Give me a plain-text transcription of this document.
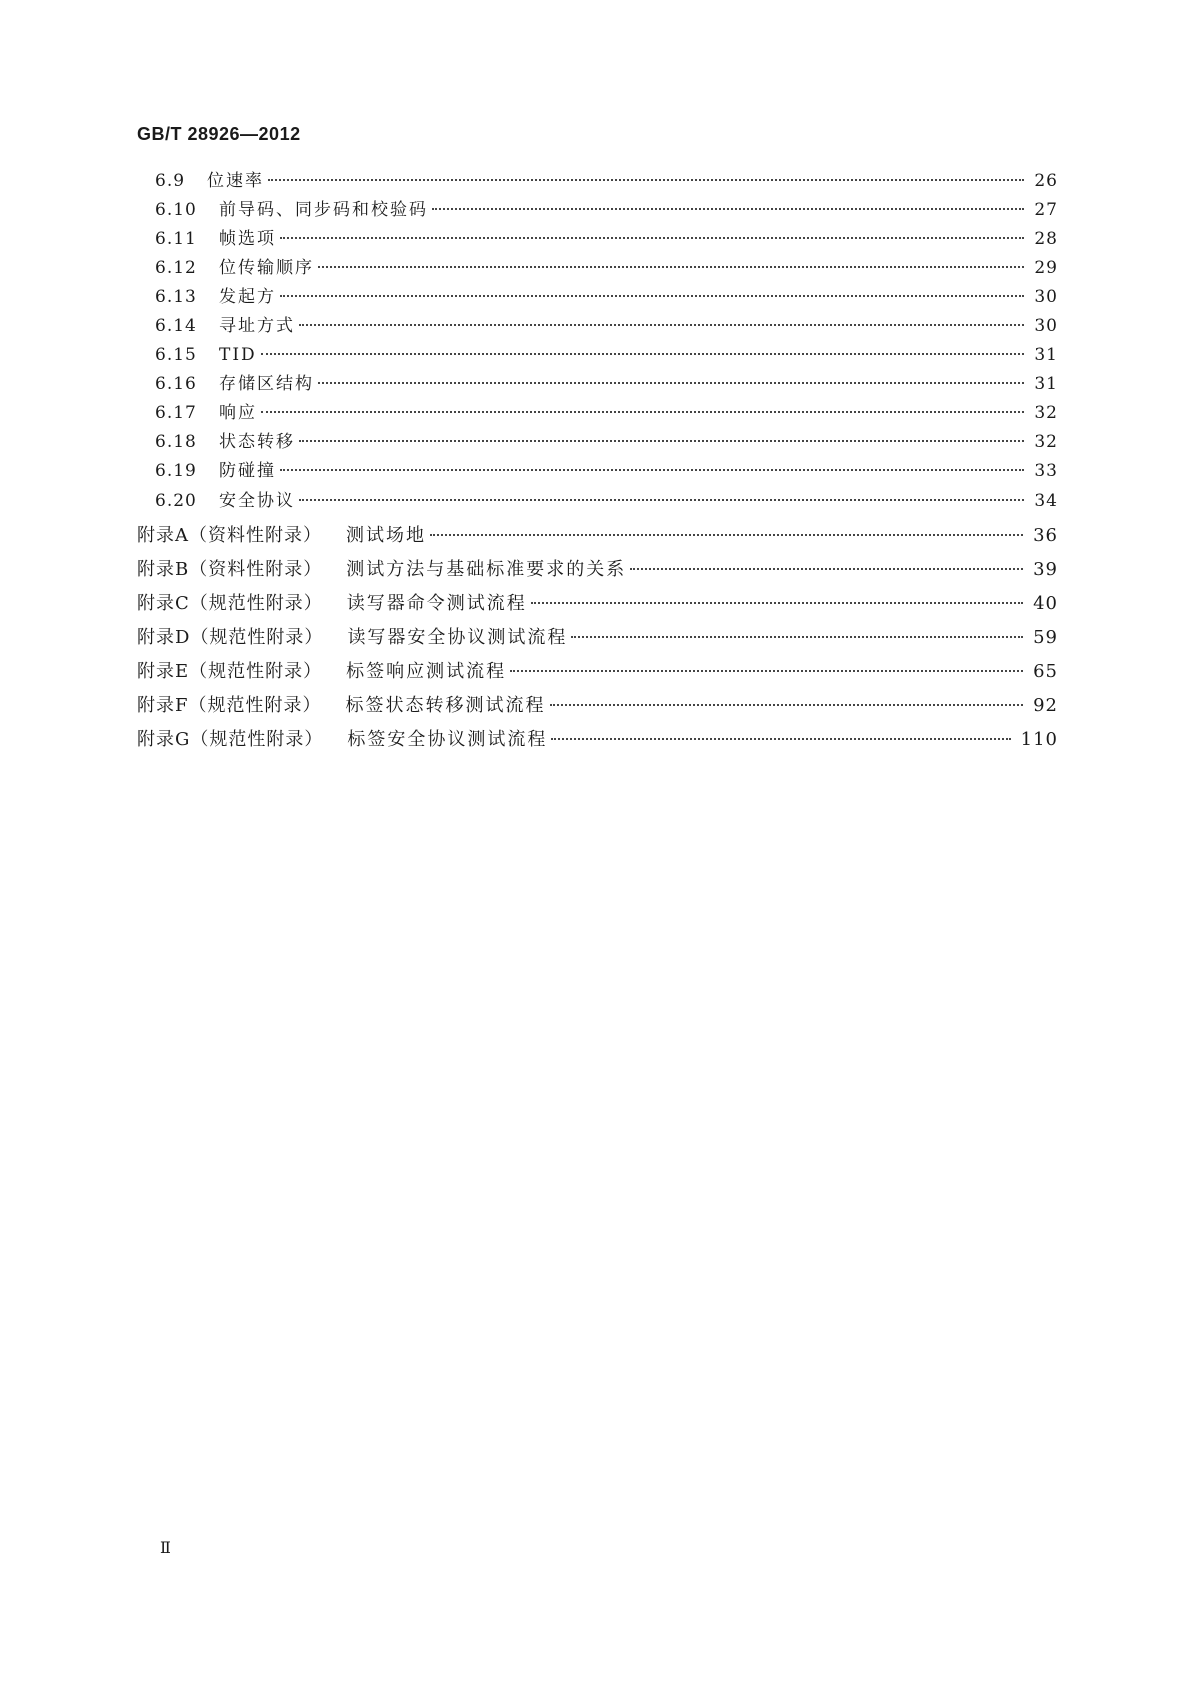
GB/T 28926—2012
6.9	位速率	26
6.10	前导码、同步码和校验码	27
6.11	帧选项	28
6.12	位传输顺序	29
6.13	发起方	30
6.14	寻址方式	30
6.15	TID	31
6.16	存储区结构	31
6.17	响应	32
6.18	状态转移	32
6.19	防碰撞	33
6.20	安全协议	34
附录A （资料性附录） 测试场地	36
附录B （资料性附录） 测试方法与基础标准要求的关系	39
附录C （规范性附录） 读写器命令测试流程	40
附录D （规范性附录） 读写器安全协议测试流程	59
附录E （规范性附录） 标签响应测试流程	65
附录F （规范性附录） 标签状态转移测试流程	92
附录G （规范性附录） 标签安全协议测试流程	110
Ⅱ
